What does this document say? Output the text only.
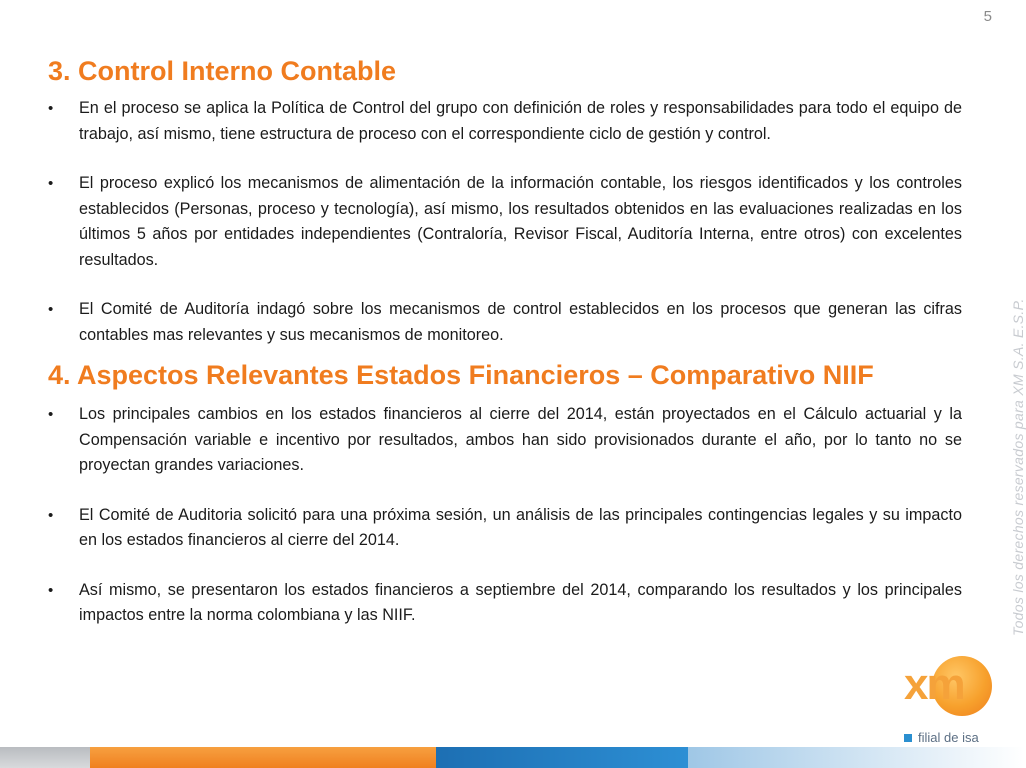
5
Todos los derechos reservados para XM S.A. E.S.P.
3. Control Interno Contable
• En el proceso se aplica la Política de Control del grupo con definición de roles y responsabilidades para todo el equipo de trabajo, así mismo, tiene estructura de proceso con el correspondiente ciclo de gestión y control.
• El proceso explicó los mecanismos de alimentación de la información contable, los riesgos identificados y los controles establecidos (Personas, proceso y tecnología), así mismo, los resultados obtenidos en las evaluaciones realizadas en los últimos 5 años por entidades independientes (Contraloría, Revisor Fiscal, Auditoría Interna, entre otros) con excelentes resultados.
• El Comité de Auditoría indagó sobre los mecanismos de control establecidos en los procesos que generan las cifras contables mas relevantes y sus mecanismos de monitoreo.
4. Aspectos Relevantes Estados Financieros – Comparativo NIIF
• Los principales cambios en los estados financieros al cierre del 2014, están proyectados en el Cálculo actuarial y la Compensación variable e incentivo por resultados, ambos han sido provisionados durante el año, por lo tanto no se proyectan grandes variaciones.
• El Comité de Auditoria solicitó para una próxima sesión, un análisis de las principales contingencias legales y su impacto en los estados financieros al cierre del 2014.
• Así mismo, se presentaron los estados financieros a septiembre del 2014, comparando los resultados y los principales impactos entre la norma colombiana y las NIIF.
xm
filial de isa
